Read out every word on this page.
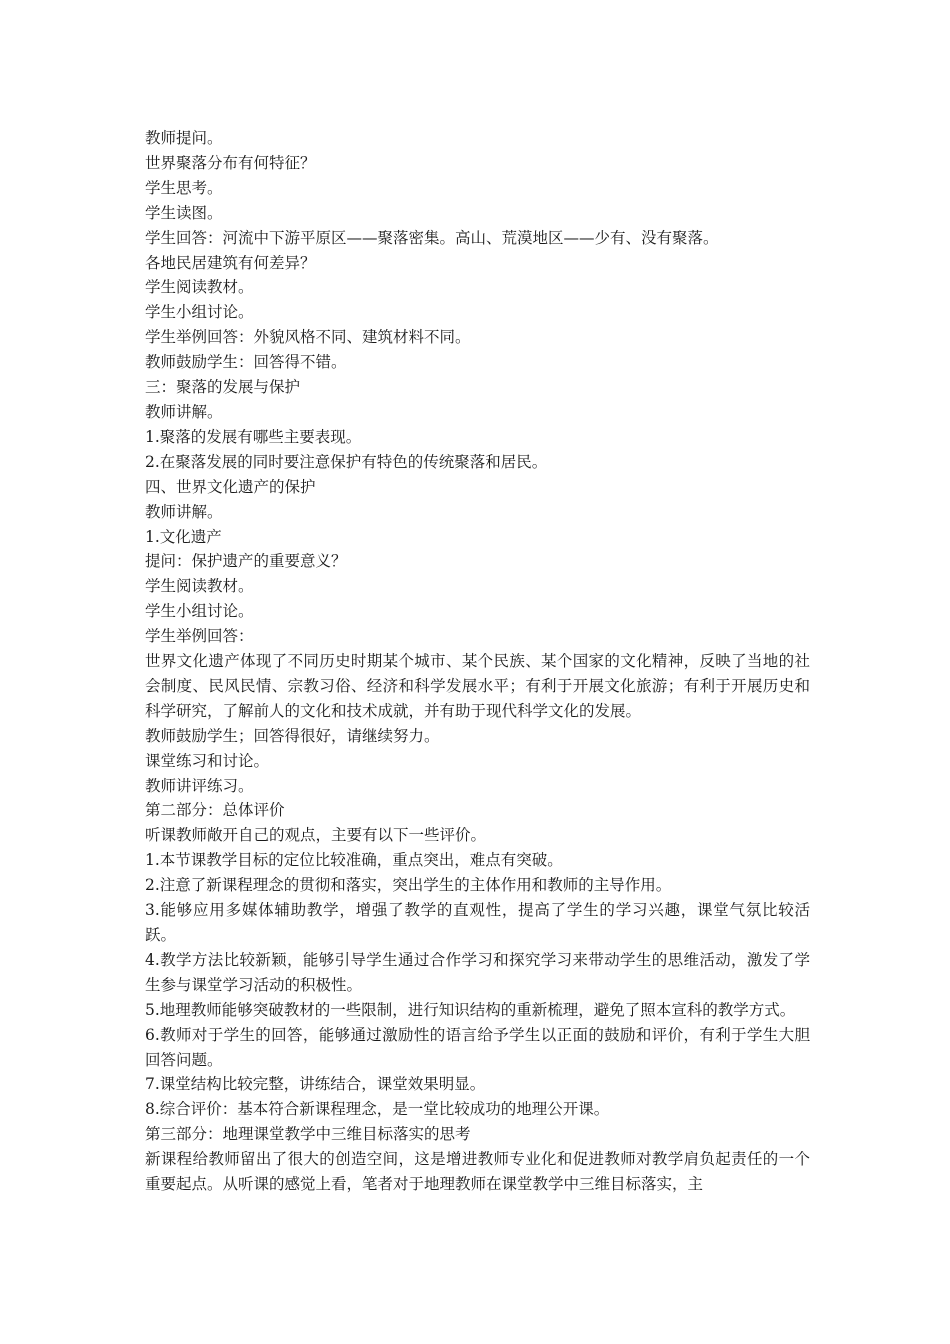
教师提问。

世界聚落分布有何特征？

学生思考。

学生读图。

学生回答：河流中下游平原区——聚落密集。高山、荒漠地区——少有、没有聚落。

各地民居建筑有何差异？

学生阅读教材。

学生小组讨论。

学生举例回答：外貌风格不同、建筑材料不同。

教师鼓励学生：回答得不错。

三：聚落的发展与保护

教师讲解。

1.聚落的发展有哪些主要表现。

2.在聚落发展的同时要注意保护有特色的传统聚落和居民。

四、世界文化遗产的保护

教师讲解。

1.文化遗产

提问：保护遗产的重要意义？

学生阅读教材。

学生小组讨论。

学生举例回答：

世界文化遗产体现了不同历史时期某个城市、某个民族、某个国家的文化精神，反映了当地的社会制度、民风民情、宗教习俗、经济和科学发展水平；有利于开展文化旅游；有利于开展历史和科学研究，了解前人的文化和技术成就，并有助于现代科学文化的发展。

教师鼓励学生；回答得很好，请继续努力。

课堂练习和讨论。

教师讲评练习。

第二部分：总体评价

听课教师敞开自己的观点，主要有以下一些评价。

1.本节课教学目标的定位比较准确，重点突出，难点有突破。

2.注意了新课程理念的贯彻和落实，突出学生的主体作用和教师的主导作用。

3.能够应用多媒体辅助教学，增强了教学的直观性，提高了学生的学习兴趣，课堂气氛比较活跃。

4.教学方法比较新颖，能够引导学生通过合作学习和探究学习来带动学生的思维活动，激发了学生参与课堂学习活动的积极性。

5.地理教师能够突破教材的一些限制，进行知识结构的重新梳理，避免了照本宣科的教学方式。

6.教师对于学生的回答，能够通过激励性的语言给予学生以正面的鼓励和评价，有利于学生大胆回答问题。

7.课堂结构比较完整，讲练结合，课堂效果明显。

8.综合评价：基本符合新课程理念，是一堂比较成功的地理公开课。

第三部分：地理课堂教学中三维目标落实的思考

新课程给教师留出了很大的创造空间，这是增进教师专业化和促进教师对教学肩负起责任的一个重要起点。从听课的感觉上看，笔者对于地理教师在课堂教学中三维目标落实，主
